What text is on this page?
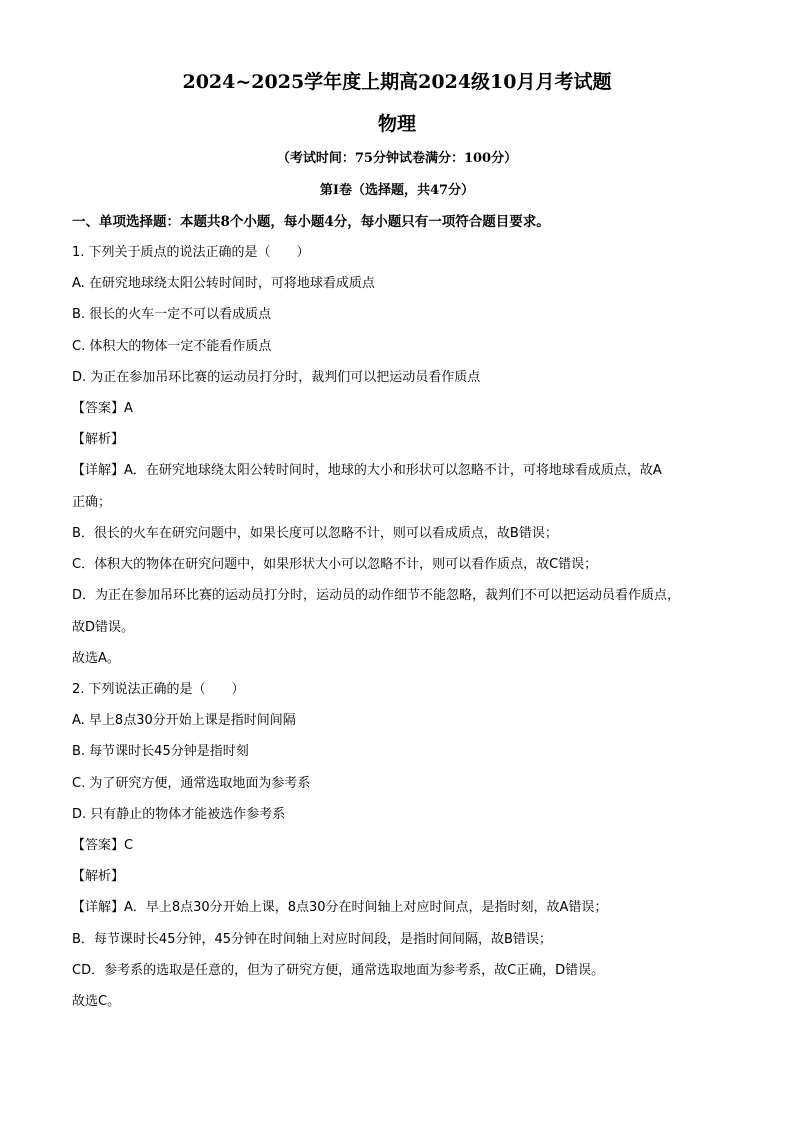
2024~2025学年度上期高2024级10月月考试题
物理
（考试时间：75分钟试卷满分：100分）
第I卷（选择题，共47分）
一、单项选择题：本题共8个小题，每小题4分，每小题只有一项符合题目要求。
1. 下列关于质点的说法正确的是（　　）
A. 在研究地球绕太阳公转时间时，可将地球看成质点
B. 很长的火车一定不可以看成质点
C. 体积大的物体一定不能看作质点
D. 为正在参加吊环比赛的运动员打分时，裁判们可以把运动员看作质点
【答案】A
【解析】
【详解】A．在研究地球绕太阳公转时间时，地球的大小和形状可以忽略不计，可将地球看成质点，故A
正确；
B．很长的火车在研究问题中，如果长度可以忽略不计，则可以看成质点，故B错误；
C．体积大的物体在研究问题中，如果形状大小可以忽略不计，则可以看作质点，故C错误；
D．为正在参加吊环比赛的运动员打分时，运动员的动作细节不能忽略，裁判们不可以把运动员看作质点，
故D错误。
故选A。
2. 下列说法正确的是（　　）
A. 早上8点30分开始上课是指时间间隔
B. 每节课时长45分钟是指时刻
C. 为了研究方便，通常选取地面为参考系
D. 只有静止的物体才能被选作参考系
【答案】C
【解析】
【详解】A．早上8点30分开始上课，8点30分在时间轴上对应时间点，是指时刻，故A错误；
B．每节课时长45分钟，45分钟在时间轴上对应时间段，是指时间间隔，故B错误；
CD．参考系的选取是任意的，但为了研究方便，通常选取地面为参考系，故C正确，D错误。
故选C。
